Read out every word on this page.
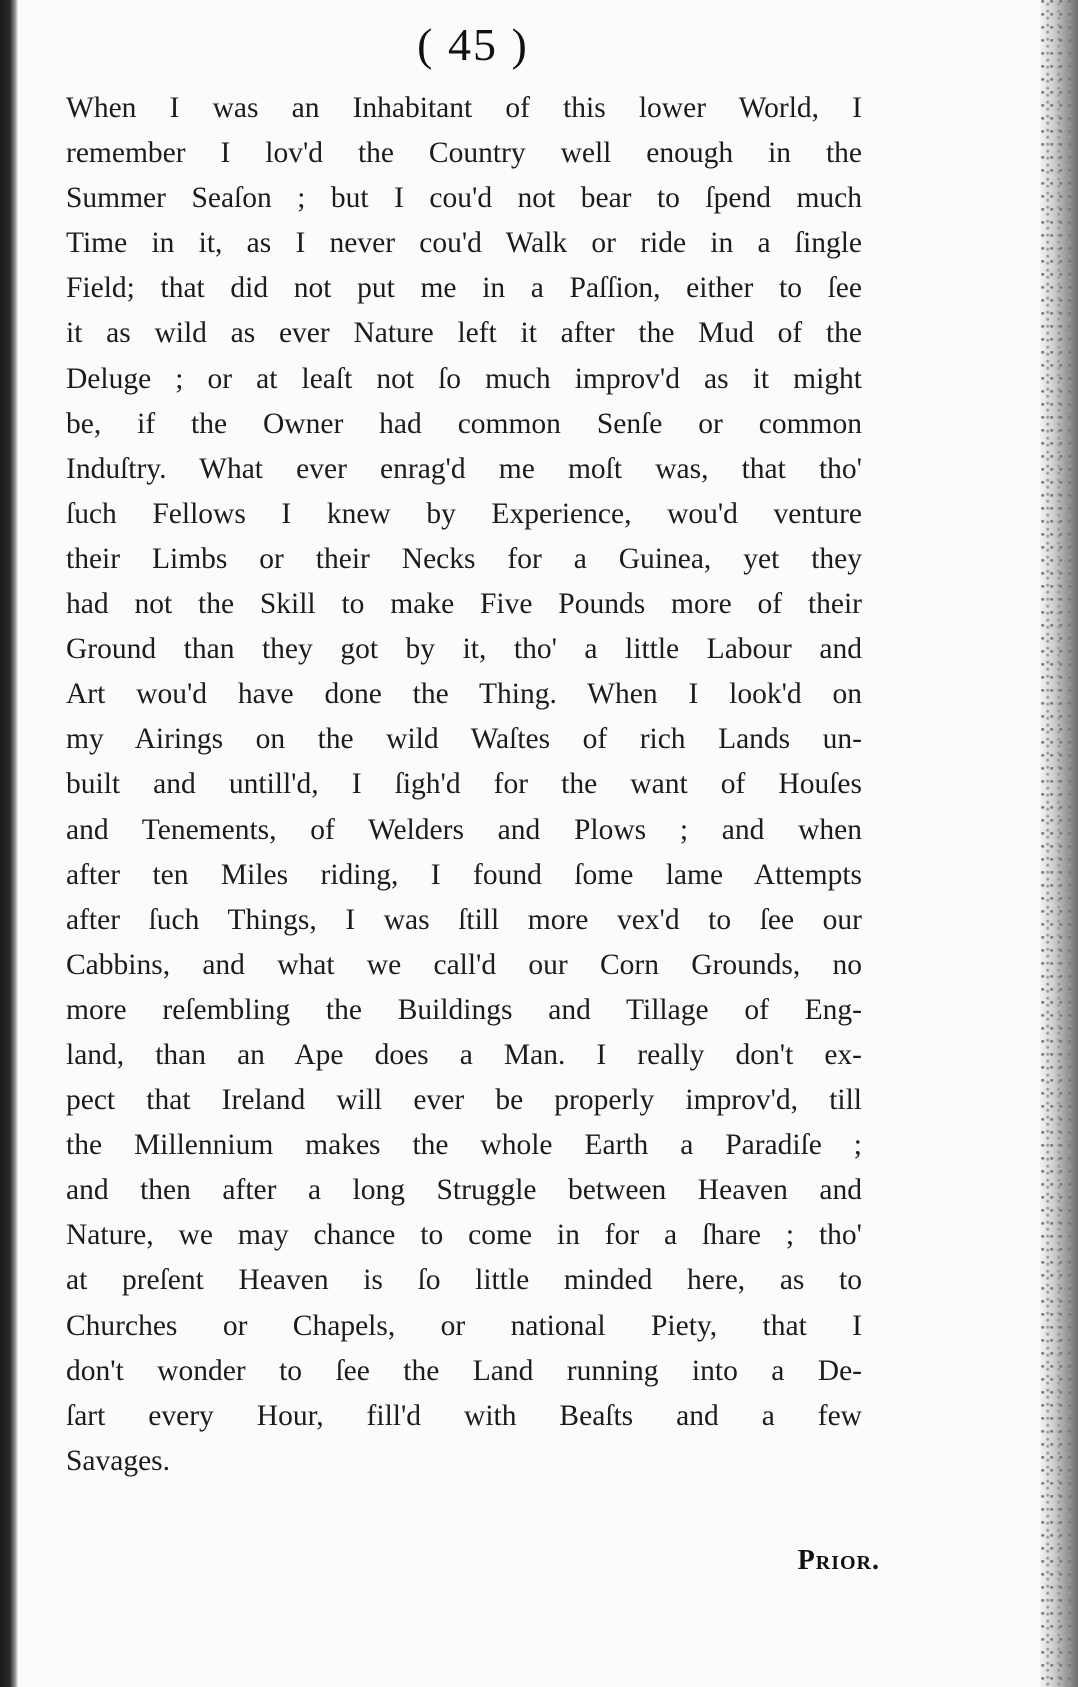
( 45 )
When I was an Inhabitant of this lower World, I
remember I lov'd the Country well enough in the
Summer Seaſon ; but I cou'd not bear to ſpend much
Time in it, as I never cou'd Walk or ride in a ſingle
Field; that did not put me in a Paſſion, either to ſee
it as wild as ever Nature left it after the Mud of the
Deluge ; or at leaſt not ſo much improv'd as it might
be, if the Owner had common Senſe or common
Induſtry. What ever enrag'd me moſt was, that tho'
ſuch Fellows I knew by Experience, wou'd venture
their Limbs or their Necks for a Guinea, yet they
had not the Skill to make Five Pounds more of their
Ground than they got by it, tho' a little Labour and
Art wou'd have done the Thing. When I look'd on
my Airings on the wild Waſtes of rich Lands un-
built and untill'd, I ſigh'd for the want of Houſes
and Tenements, of Welders and Plows ; and when
after ten Miles riding, I found ſome lame Attempts
after ſuch Things, I was ſtill more vex'd to ſee our
Cabbins, and what we call'd our Corn Grounds, no
more reſembling the Buildings and Tillage of Eng-
land, than an Ape does a Man. I really don't ex-
pect that Ireland will ever be properly improv'd, till
the Millennium makes the whole Earth a Paradiſe ;
and then after a long Struggle between Heaven and
Nature, we may chance to come in for a ſhare ; tho'
at preſent Heaven is ſo little minded here, as to
Churches or Chapels, or national Piety, that I
don't wonder to ſee the Land running into a De-
ſart every Hour, fill'd with Beaſts and a few
Savages.
Prior.
